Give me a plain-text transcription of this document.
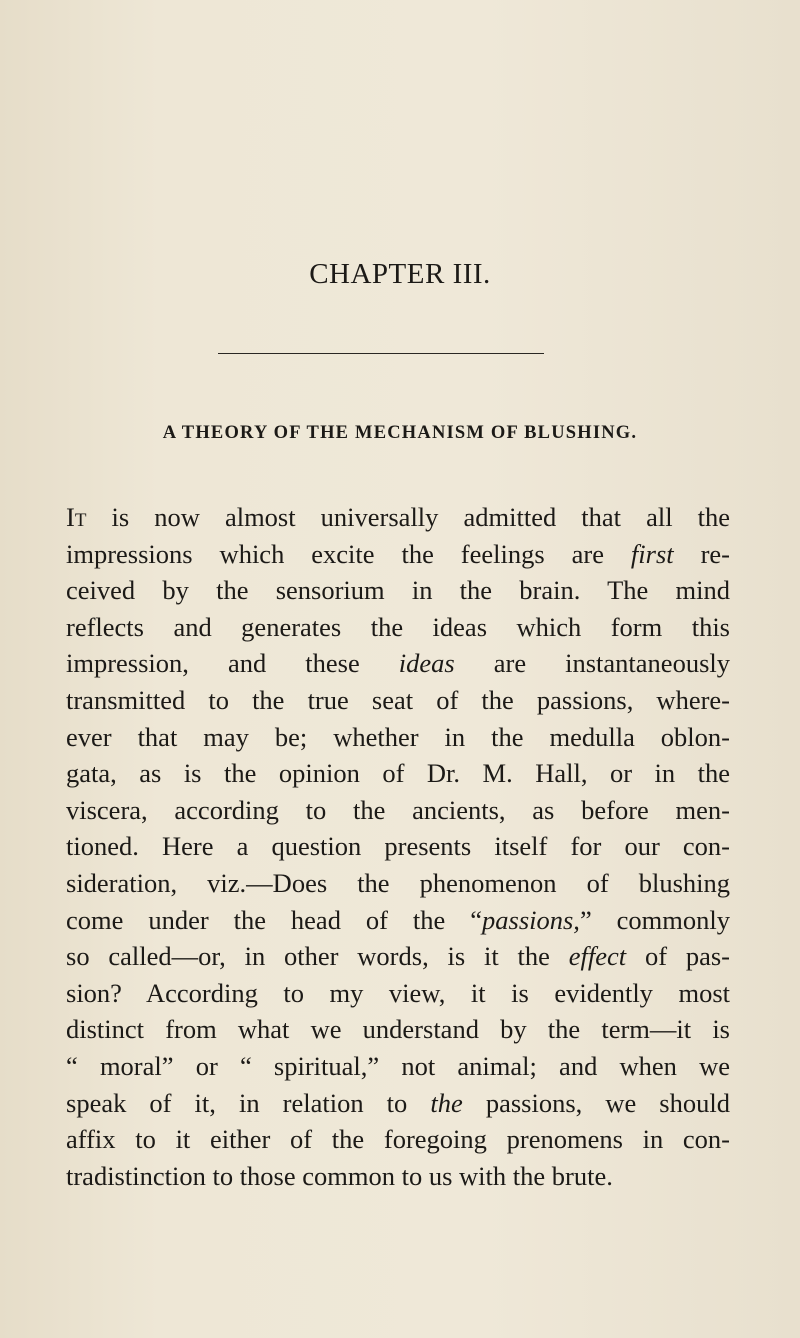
CHAPTER III.
A THEORY OF THE MECHANISM OF BLUSHING.

It is now almost universally admitted that all the
impressions which excite the feelings are first re-
ceived by the sensorium in the brain. The mind
reflects and generates the ideas which form this
impression, and these ideas are instantaneously
transmitted to the true seat of the passions, where-
ever that may be; whether in the medulla oblon-
gata, as is the opinion of Dr. M. Hall, or in the
viscera, according to the ancients, as before men-
tioned. Here a question presents itself for our con-
sideration, viz.—Does the phenomenon of blushing
come under the head of the “passions,” commonly
so called—or, in other words, is it the effect of pas-
sion? According to my view, it is evidently most
distinct from what we understand by the term—it is
“ moral” or “ spiritual,” not animal; and when we
speak of it, in relation to the passions, we should
affix to it either of the foregoing prenomens in con-
tradistinction to those common to us with the brute.
